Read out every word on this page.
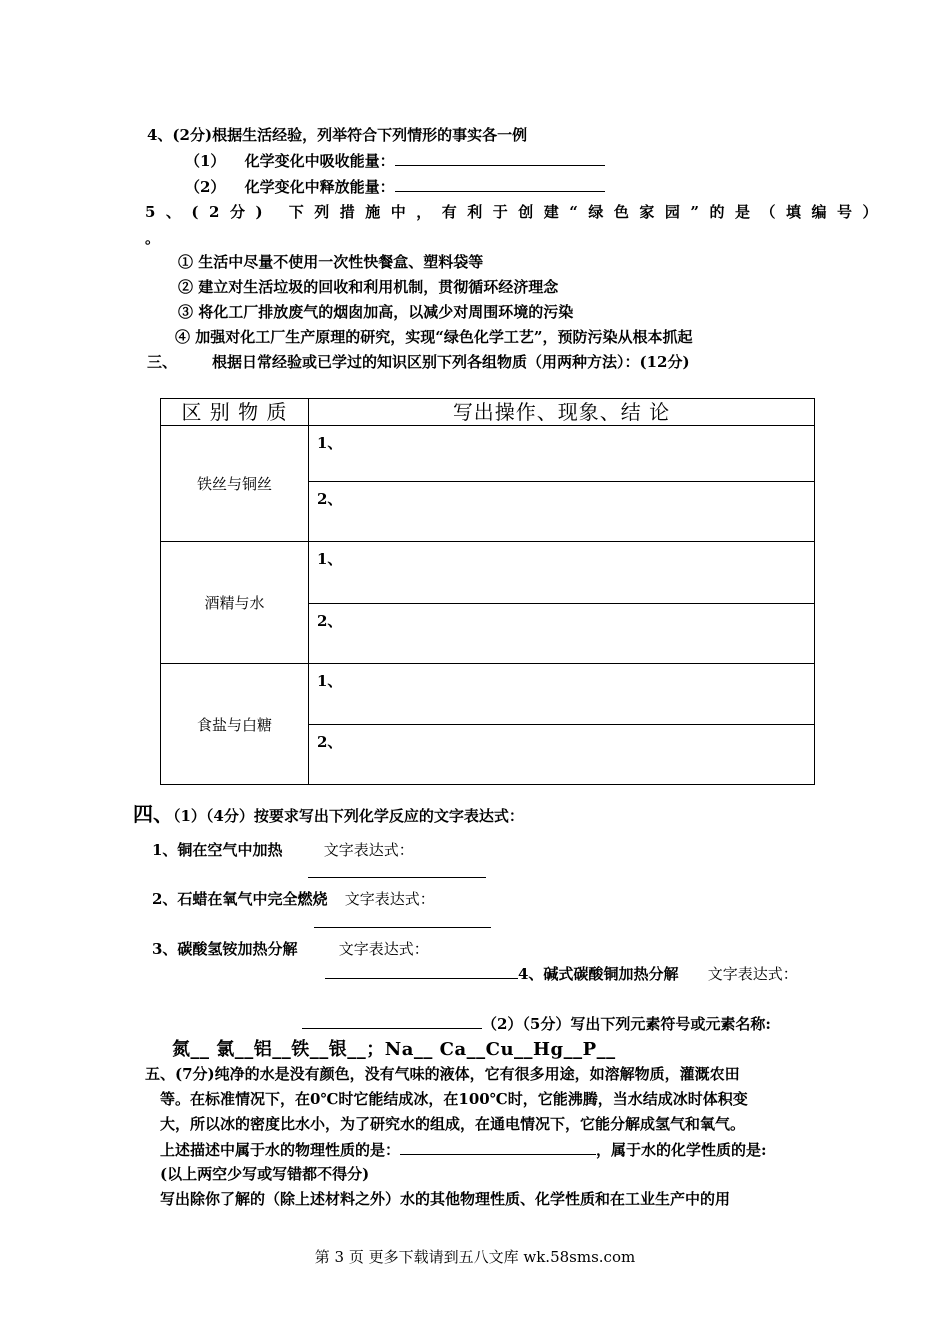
4、(2分)根据生活经验，列举符合下列情形的事实各一例
（1） 化学变化中吸收能量：
（2） 化学变化中释放能量：
5、(2分) 下列措施中，有利于创建“绿色家园”的是（填编号）
。
① 生活中尽量不使用一次性快餐盒、塑料袋等
② 建立对生活垃圾的回收和利用机制，贯彻循环经济理念
③ 将化工厂排放废气的烟囱加高，以减少对周围环境的污染
④ 加强对化工厂生产原理的研究，实现“绿色化学工艺”，预防污染从根本抓起
三、 根据日常经验或已学过的知识区别下列各组物质（用两种方法）：(12分)
区 别 物 质	写出操作、现象、结 论
铁丝与铜丝	1、
	2、
酒精与水	1、
	2、
食盐与白糖	1、
	2、
四、（1）（4分）按要求写出下列化学反应的文字表达式：
1、铜在空气中加热	文字表达式：
2、石蜡在氧气中完全燃烧 文字表达式：
3、碳酸氢铵加热分解	文字表达式：
4、碱式碳酸铜加热分解 文字表达式：
（2）（5分）写出下列元素符号或元素名称:
氮__ 氯__铝__铁__银__；Na__ Ca__Cu__Hg__P__
五、(7分)纯净的水是没有颜色，没有气味的液体，它有很多用途，如溶解物质，灌溉农田
等。在标准情况下，在0℃时它能结成冰，在100℃时，它能沸腾，当水结成冰时体积变
大，所以冰的密度比水小，为了研究水的组成，在通电情况下，它能分解成氢气和氧气。
上述描述中属于水的物理性质的是：	，属于水的化学性质的是:
(以上两空少写或写错都不得分)
写出除你了解的（除上述材料之外）水的其他物理性质、化学性质和在工业生产中的用
第 3 页 更多下载请到五八文库 wk.58sms.com
